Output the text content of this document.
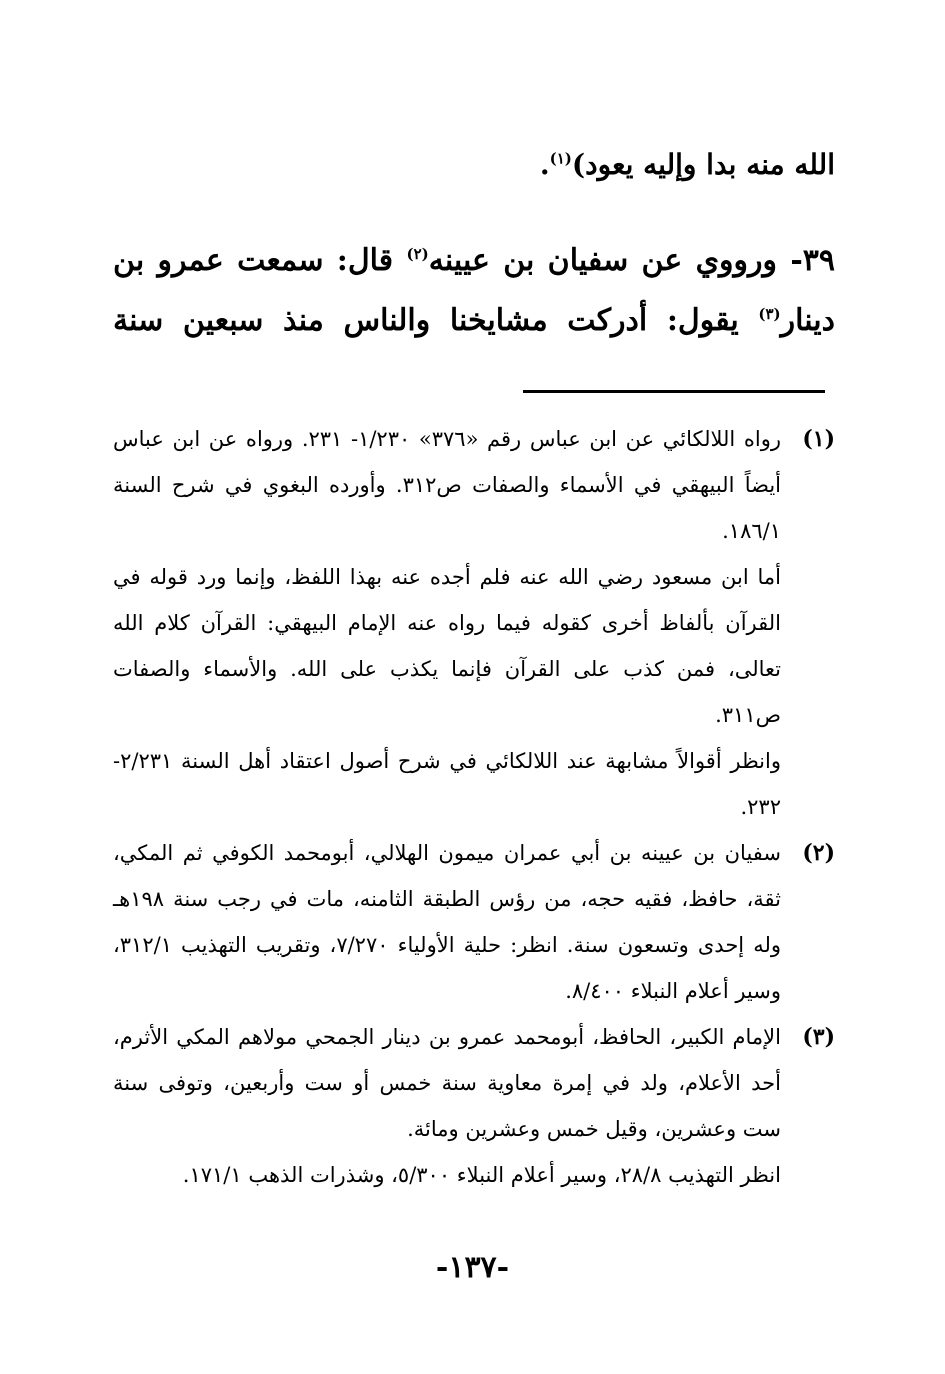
الله منه بدا وإليه يعود)$^{(١)}$.
٣٩- ورووي عن سفيان بن عيينه$^{(٢)}$ قال: سمعت عمرو بن دينار$^{(٣)}$ يقول: أدركت مشايخنا والناس منذ سبعين سنة
(١)

رواه اللالكائي عن ابن عباس رقم «٣٧٦» ١/٢٣٠- ٢٣١. ورواه عن ابن عباس أيضاً البيهقي في الأسماء والصفات ص٣١٢. وأورده البغوي في شرح السنة ١٨٦/١.

أما ابن مسعود رضي الله عنه فلم أجده عنه بهذا اللفظ، وإنما ورد قوله في القرآن بألفاظ أخرى كقوله فيما رواه عنه الإمام البيهقي: القرآن كلام الله تعالى، فمن كذب على القرآن فإنما يكذب على الله. والأسماء والصفات ص٣١١.

وانظر أقوالاً مشابهة عند اللالكائي في شرح أصول اعتقاد أهل السنة ٢/٢٣١- ٢٣٢.

(٢)

سفيان بن عيينه بن أبي عمران ميمون الهلالي، أبومحمد الكوفي ثم المكي، ثقة، حافظ، فقيه حجه، من رؤس الطبقة الثامنه، مات في رجب سنة ١٩٨هـ وله إحدى وتسعون سنة. انظر: حلية الأولياء ٧/٢٧٠، وتقريب التهذيب ٣١٢/١، وسير أعلام النبلاء ٨/٤٠٠.

(٣)

الإمام الكبير، الحافظ، أبومحمد عمرو بن دينار الجمحي مولاهم المكي الأثرم، أحد الأعلام، ولد في إمرة معاوية سنة خمس أو ست وأربعين، وتوفى سنة ست وعشرين، وقيل خمس وعشرين ومائة.

انظر التهذيب ٢٨/٨، وسير أعلام النبلاء ٥/٣٠٠، وشذرات الذهب ١٧١/١.

-١٣٧-
